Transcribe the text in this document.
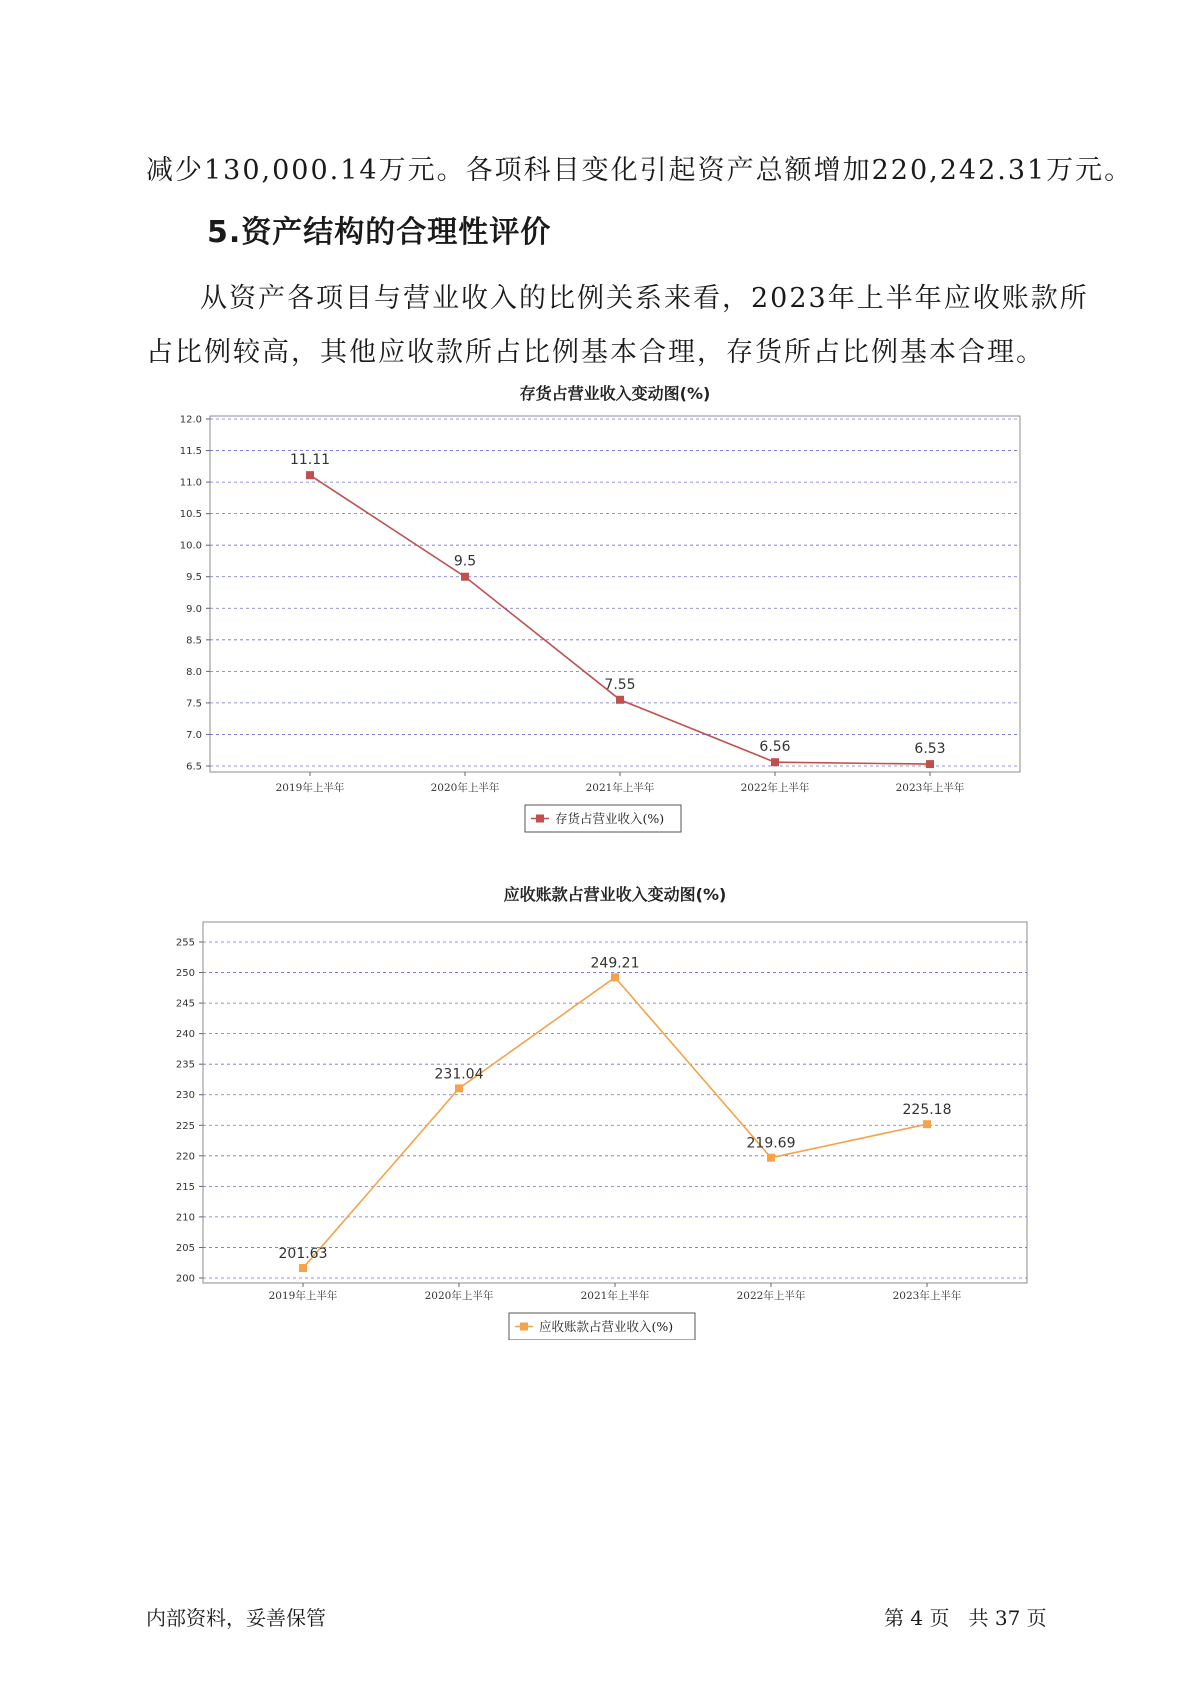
减少130,000.14万元。各项科目变化引起资产总额增加220,242.31万元。

5.资产结构的合理性评价

从资产各项目与营业收入的比例关系来看，2023年上半年应收账款所
占比例较高，其他应收款所占比例基本合理，存货所占比例基本合理。

存货占营业收入变动图(%)
12.0
11.5
11.0
10.5
10.0
9.5
9.0
8.5
8.0
7.5
7.0
6.5
2019年上半年	2020年上半年	2021年上半年	2022年上半年	2023年上半年
11.11
9.5
7.55
6.56	6.53
存货占营业收入(%)
应收账款占营业收入变动图(%)
255
250
245
240
235
230
225
220
215
210
205
200
2019年上半年	2020年上半年	2021年上半年	2022年上半年	2023年上半年
201.63
231.04
249.21
219.69
225.18
应收账款占营业收入(%)

内部资料，妥善保管	第 4 页   共 37 页
